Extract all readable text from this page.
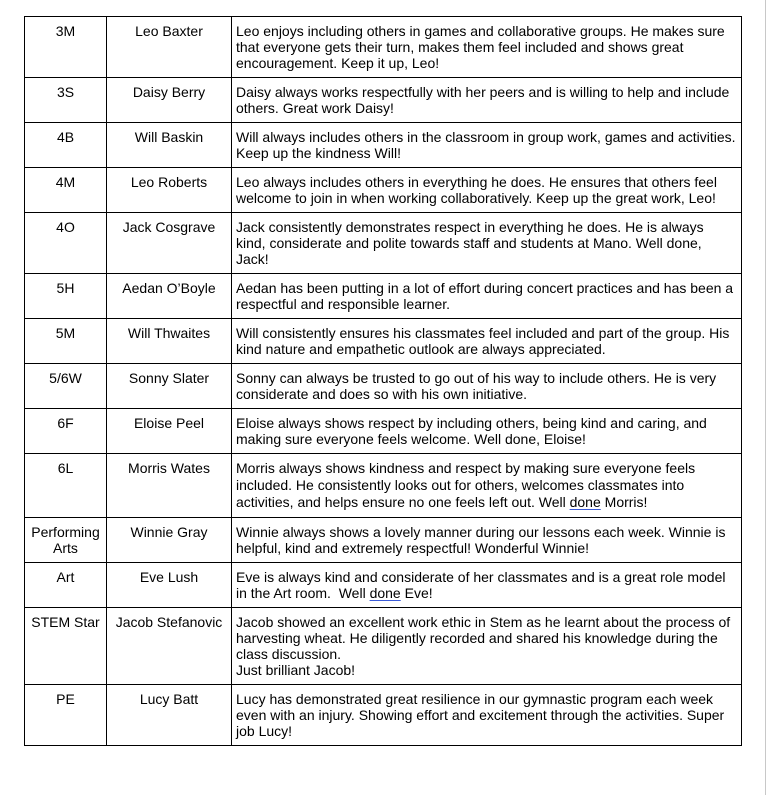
3M	Leo Baxter	Leo enjoys including others in games and collaborative groups. He makes sure that everyone gets their turn, makes them feel included and shows great encouragement. Keep it up, Leo!
3S	Daisy Berry	Daisy always works respectfully with her peers and is willing to help and include others. Great work Daisy!
4B	Will Baskin	Will always includes others in the classroom in group work, games and activities. Keep up the kindness Will!
4M	Leo Roberts	Leo always includes others in everything he does. He ensures that others feel welcome to join in when working collaboratively. Keep up the great work, Leo!
4O	Jack Cosgrave	Jack consistently demonstrates respect in everything he does. He is always kind, considerate and polite towards staff and students at Mano. Well done, Jack!
5H	Aedan O’Boyle	Aedan has been putting in a lot of effort during concert practices and has been a respectful and responsible learner.
5M	Will Thwaites	Will consistently ensures his classmates feel included and part of the group. His kind nature and empathetic outlook are always appreciated.
5/6W	Sonny Slater	Sonny can always be trusted to go out of his way to include others. He is very considerate and does so with his own initiative.
6F	Eloise Peel	Eloise always shows respect by including others, being kind and caring, and making sure everyone feels welcome. Well done, Eloise!
6L	Morris Wates	Morris always shows kindness and respect by making sure everyone feels included. He consistently looks out for others, welcomes classmates into activities, and helps ensure no one feels left out. Well done Morris!
Performing Arts	Winnie Gray	Winnie always shows a lovely manner during our lessons each week. Winnie is helpful, kind and extremely respectful! Wonderful Winnie!
Art	Eve Lush	Eve is always kind and considerate of her classmates and is a great role model in the Art room.  Well done Eve!
STEM Star	Jacob Stefanovic	Jacob showed an excellent work ethic in Stem as he learnt about the process of harvesting wheat. He diligently recorded and shared his knowledge during the class discussion.
Just brilliant Jacob!

PE	Lucy Batt	Lucy has demonstrated great resilience in our gymnastic program each week even with an injury. Showing effort and excitement through the activities. Super job Lucy!
